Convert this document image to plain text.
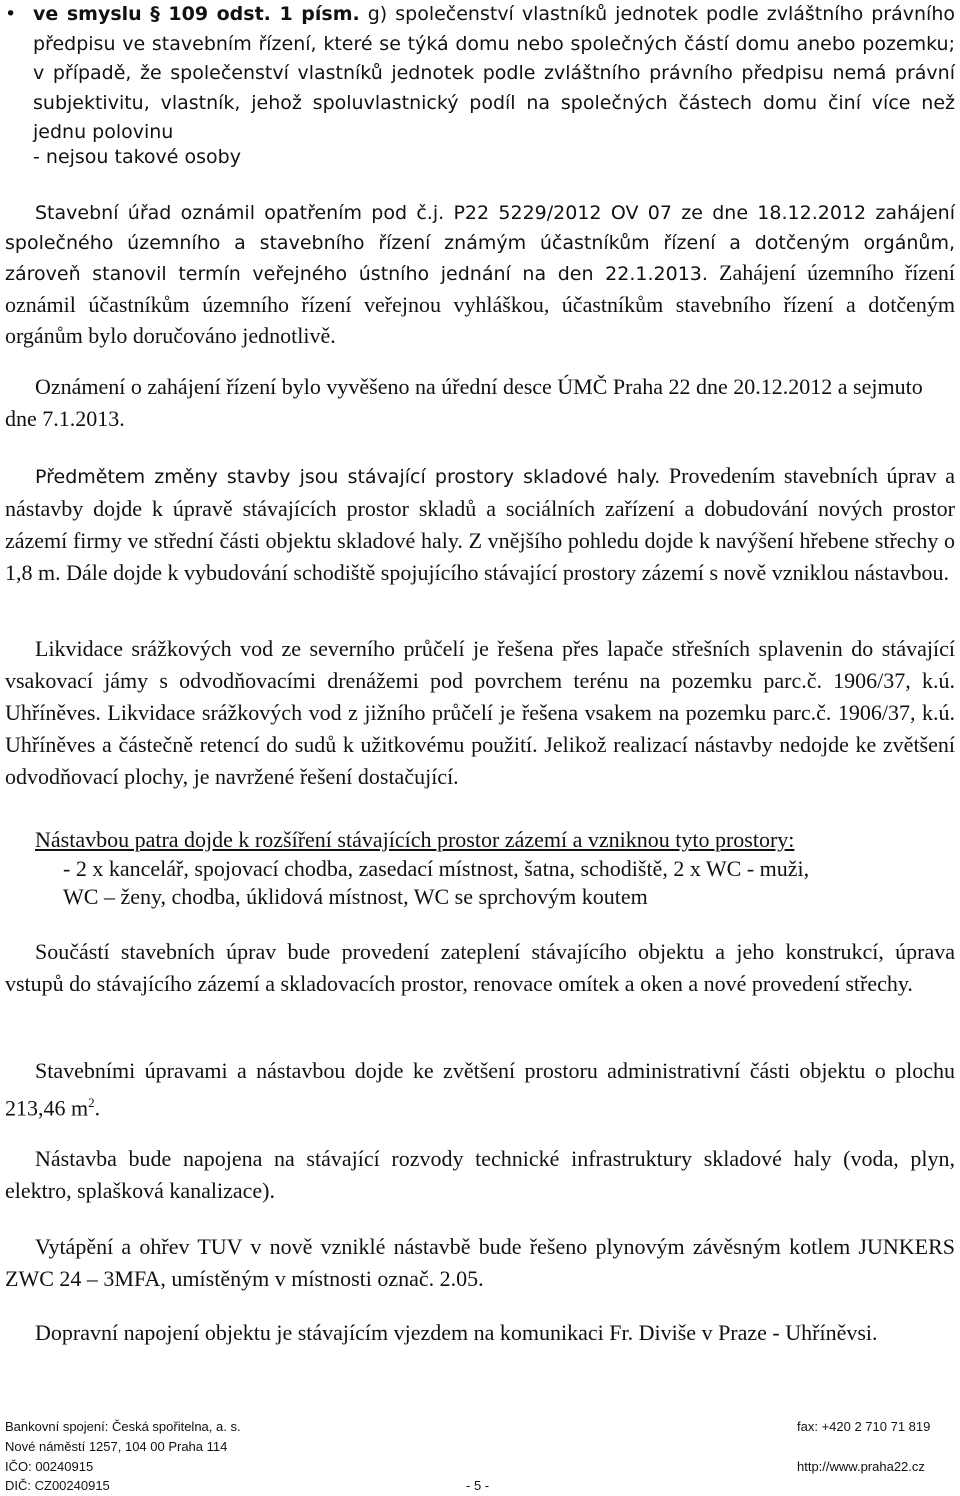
• ve smyslu § 109 odst. 1 písm. g) společenství vlastníků jednotek podle zvláštního právního předpisu ve stavebním řízení, které se týká domu nebo společných částí domu anebo pozemku; v případě, že společenství vlastníků jednotek podle zvláštního právního předpisu nemá právní subjektivitu, vlastník, jehož spoluvlastnický podíl na společných částech domu činí více než jednu polovinu

- nejsou takové osoby

Stavební úřad oznámil opatřením pod č.j. P22 5229/2012 OV 07 ze dne 18.12.2012 zahájení společného územního a stavebního řízení známým účastníkům řízení a dotčeným orgánům, zároveň stanovil termín veřejného ústního jednání na den 22.1.2013. Zahájení územního řízení oznámil účastníkům územního řízení veřejnou vyhláškou, účastníkům stavebního řízení a dotčeným orgánům bylo doručováno jednotlivě.

Oznámení o zahájení řízení bylo vyvěšeno na úřední desce ÚMČ Praha 22 dne 20.12.2012 a sejmuto dne 7.1.2013.

Předmětem změny stavby jsou stávající prostory skladové haly. Provedením stavebních úprav a nástavby dojde k úpravě stávajících prostor skladů a sociálních zařízení a dobudování nových prostor zázemí firmy ve střední části objektu skladové haly. Z vnějšího pohledu dojde k navýšení hřebene střechy o 1,8 m. Dále dojde k vybudování schodiště spojujícího stávající prostory zázemí s nově vzniklou nástavbou.

Likvidace srážkových vod ze severního průčelí je řešena přes lapače střešních splavenin do stávající vsakovací jámy s odvodňovacími drenážemi pod povrchem terénu na pozemku parc.č. 1906/37, k.ú. Uhříněves. Likvidace srážkových vod z jižního průčelí je řešena vsakem na pozemku parc.č. 1906/37, k.ú. Uhříněves a částečně retencí do sudů k užitkovému použití. Jelikož realizací nástavby nedojde ke zvětšení odvodňovací plochy, je navržené řešení dostačující.

Nástavbou patra dojde k rozšíření stávajících prostor zázemí a vzniknou tyto prostory:

- 2 x kancelář, spojovací chodba, zasedací místnost, šatna, schodiště, 2 x WC - muži,

WC – ženy, chodba, úklidová místnost, WC se sprchovým koutem

Součástí stavebních úprav bude provedení zateplení stávajícího objektu a jeho konstrukcí, úprava vstupů do stávajícího zázemí a skladovacích prostor, renovace omítek a oken a nové provedení střechy.

Stavebními úpravami a nástavbou dojde ke zvětšení prostoru administrativní části objektu o plochu 213,46 $m^2$.

Nástavba bude napojena na stávající rozvody technické infrastruktury skladové haly (voda, plyn, elektro, splašková kanalizace).

Vytápění a ohřev TUV v nově vzniklé nástavbě bude řešeno plynovým závěsným kotlem JUNKERS ZWC 24 – 3MFA, umístěným v místnosti označ. 2.05.

Dopravní napojení objektu je stávajícím vjezdem na komunikaci Fr. Diviše v Praze - Uhříněvsi.

Bankovní spojení: Česká spořitelna, a. s.
Nové náměstí 1257, 104 00 Praha 114
IČO: 00240915
DIČ: CZ00240915	- 5 -
fax: +420 2 710 71 819
http://www.praha22.cz
